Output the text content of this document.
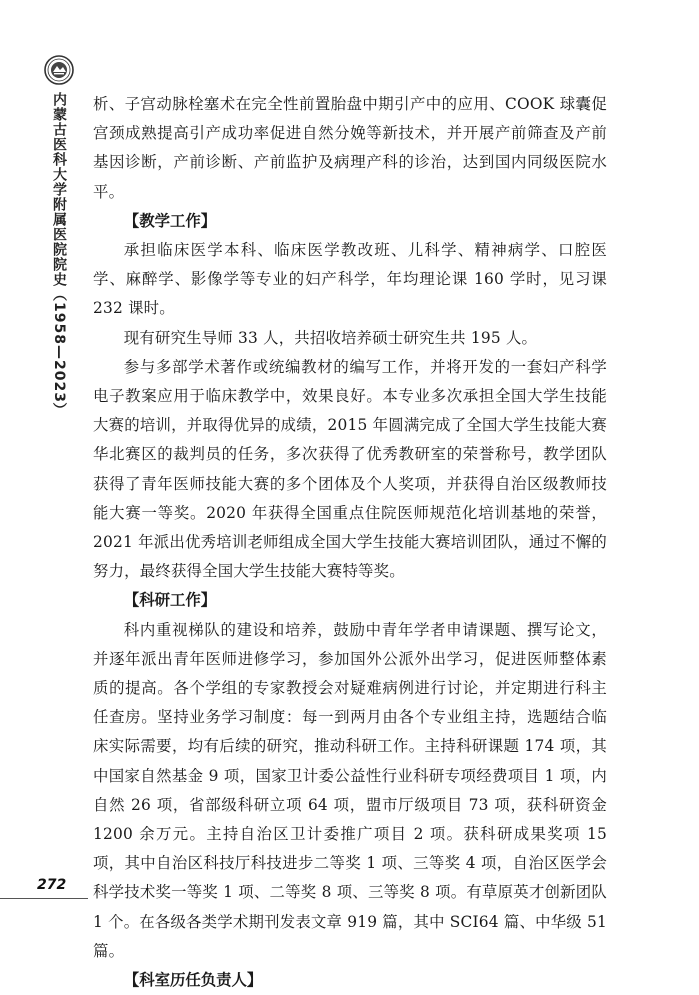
内蒙古医科大学附属医院院史（1958—2023） 析、子宫动脉栓塞术在完全性前置胎盘中期引产中的应用、COOK 球囊促宫颈成熟提高引产成功率促进自然分娩等新技术，并开展产前筛查及产前基因诊断，产前诊断、产前监护及病理产科的诊治，达到国内同级医院水平。

【教学工作】

承担临床医学本科、临床医学教改班、儿科学、精神病学、口腔医学、麻醉学、影像学等专业的妇产科学，年均理论课 160 学时，见习课 232 课时。

现有研究生导师 33 人，共招收培养硕士研究生共 195 人。

参与多部学术著作或统编教材的编写工作，并将开发的一套妇产科学电子教案应用于临床教学中，效果良好。本专业多次承担全国大学生技能大赛的培训，并取得优异的成绩，2015 年圆满完成了全国大学生技能大赛华北赛区的裁判员的任务，多次获得了优秀教研室的荣誉称号，教学团队获得了青年医师技能大赛的多个团体及个人奖项，并获得自治区级教师技能大赛一等奖。2020 年获得全国重点住院医师规范化培训基地的荣誉，2021 年派出优秀培训老师组成全国大学生技能大赛培训团队，通过不懈的努力，最终获得全国大学生技能大赛特等奖。

【科研工作】

科内重视梯队的建设和培养，鼓励中青年学者申请课题、撰写论文，并逐年派出青年医师进修学习，参加国外公派外出学习，促进医师整体素质的提高。各个学组的专家教授会对疑难病例进行讨论，并定期进行科主任查房。坚持业务学习制度：每一到两月由各个专业组主持，选题结合临床实际需要，均有后续的研究，推动科研工作。主持科研课题 174 项，其中国家自然基金 9 项，国家卫计委公益性行业科研专项经费项目 1 项，内自然 26 项，省部级科研立项 64 项，盟市厅级项目 73 项，获科研资金 1200 余万元。主持自治区卫计委推广项目 2 项。获科研成果奖项 15 项，其中自治区科技厅科技进步二等奖 1 项、三等奖 4 项，自治区医学会科学技术奖一等奖 1 项、二等奖 8 项、三等奖 8 项。有草原英才创新团队 1 个。在各级各类学术期刊发表文章 919 篇，其中 SCI64 篇、中华级 51 篇。

【科室历任负责人】
272
